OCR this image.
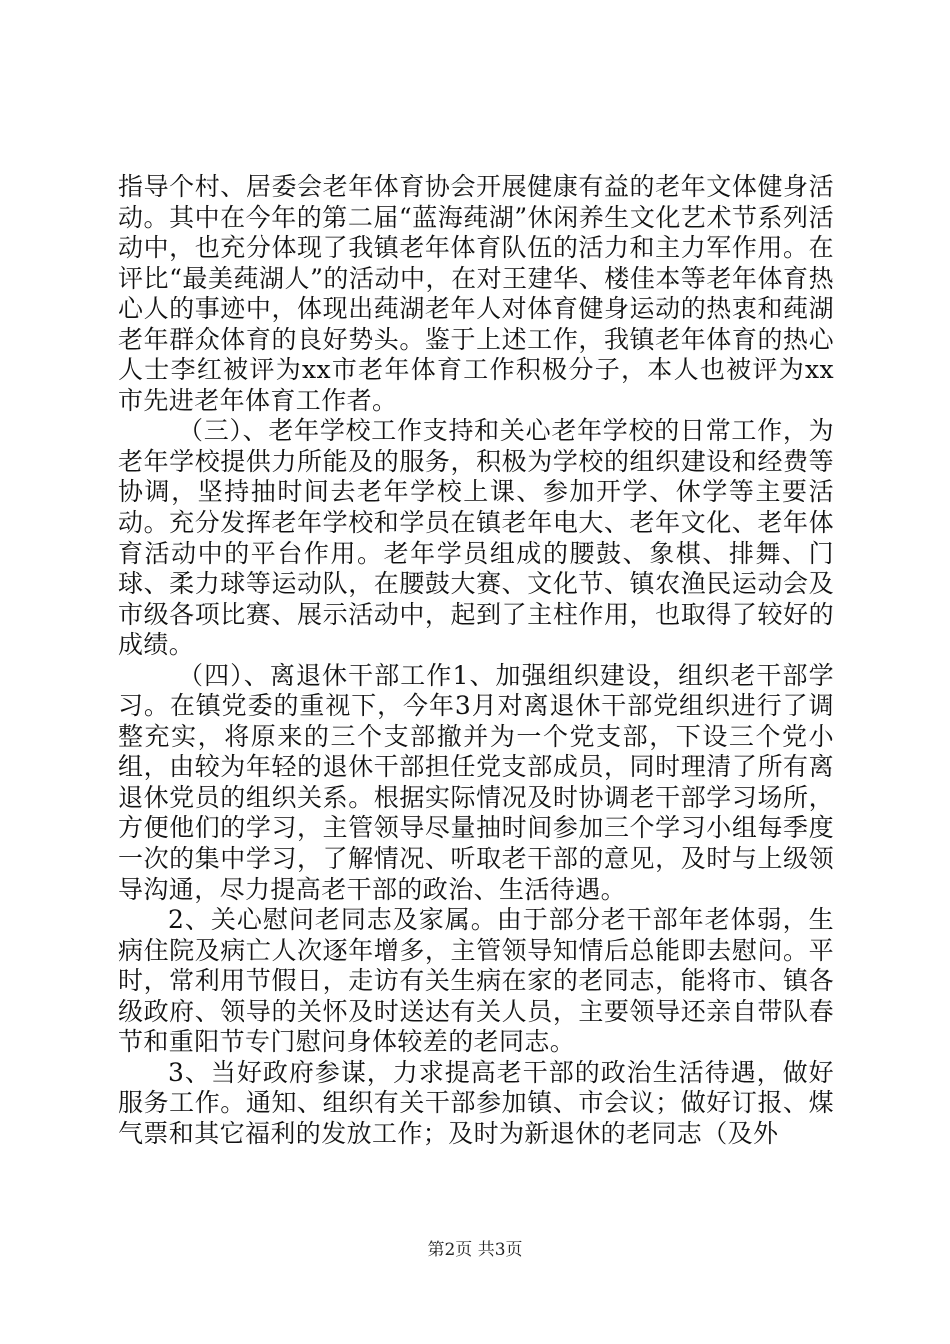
指导个村、居委会老年体育协会开展健康有益的老年文体健身活动。其中在今年的第二届“蓝海莼湖”休闲养生文化艺术节系列活动中，也充分体现了我镇老年体育队伍的活力和主力军作用。在评比“最美莼湖人”的活动中，在对王建华、楼佳本等老年体育热心人的事迹中，体现出莼湖老年人对体育健身运动的热衷和莼湖老年群众体育的良好势头。鉴于上述工作，我镇老年体育的热心人士李红被评为xx市老年体育工作积极分子，本人也被评为xx市先进老年体育工作者。

（三）、老年学校工作支持和关心老年学校的日常工作，为老年学校提供力所能及的服务，积极为学校的组织建设和经费等协调，坚持抽时间去老年学校上课、参加开学、休学等主要活动。充分发挥老年学校和学员在镇老年电大、老年文化、老年体育活动中的平台作用。老年学员组成的腰鼓、象棋、排舞、门球、柔力球等运动队，在腰鼓大赛、文化节、镇农渔民运动会及市级各项比赛、展示活动中，起到了主柱作用，也取得了较好的成绩。

（四）、离退休干部工作1、加强组织建设，组织老干部学习。在镇党委的重视下，今年3月对离退休干部党组织进行了调整充实，将原来的三个支部撤并为一个党支部，下设三个党小组，由较为年轻的退休干部担任党支部成员，同时理清了所有离退休党员的组织关系。根据实际情况及时协调老干部学习场所，方便他们的学习，主管领导尽量抽时间参加三个学习小组每季度一次的集中学习，了解情况、听取老干部的意见，及时与上级领导沟通，尽力提高老干部的政治、生活待遇。

2、关心慰问老同志及家属。由于部分老干部年老体弱，生病住院及病亡人次逐年增多，主管领导知情后总能即去慰问。平时，常利用节假日，走访有关生病在家的老同志，能将市、镇各级政府、领导的关怀及时送达有关人员，主要领导还亲自带队春节和重阳节专门慰问身体较差的老同志。

3、当好政府参谋，力求提高老干部的政治生活待遇，做好服务工作。通知、组织有关干部参加镇、市会议；做好订报、煤气票和其它福利的发放工作；及时为新退休的老同志（及外

第2页 共3页
